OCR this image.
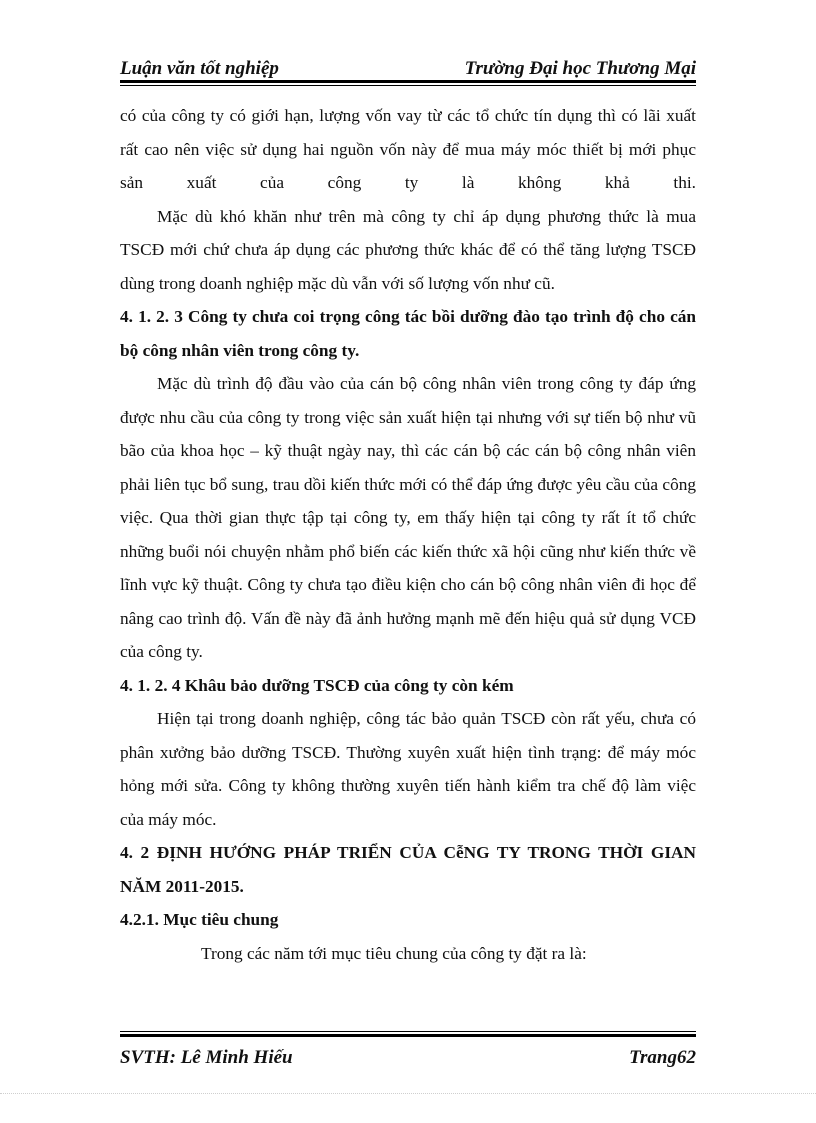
Luận văn tốt nghiệp	Trường Đại học Thương Mại

có của công ty có giới hạn, lượng vốn vay từ các tổ chức tín dụng thì có lãi xuất

rất cao nên việc sử dụng hai nguồn vốn này để mua máy móc thiết bị mới phục

sản xuất của công ty là không khả thi.

Mặc dù khó khăn như trên mà công ty chỉ áp dụng phương thức là mua TSCĐ mới chứ chưa áp dụng các phương thức khác để có thể tăng lượng TSCĐ dùng trong doanh nghiệp mặc dù vẫn với số lượng vốn như cũ.

4. 1. 2. 3 Công ty chưa coi trọng công tác bồi dưỡng đào tạo trình độ cho cán bộ công nhân viên trong công ty.

Mặc dù trình độ đầu vào của cán bộ công nhân viên trong công ty đáp ứng được nhu cầu của công ty trong việc sản xuất hiện tại nhưng với sự tiến bộ như vũ bão của khoa học – kỹ thuật ngày nay, thì các cán bộ các cán bộ công nhân viên phải liên tục bổ sung, trau dồi kiến thức mới có thể đáp ứng được yêu cầu của công việc. Qua thời gian thực tập tại công ty, em thấy hiện tại công ty rất ít tổ chức những buổi nói chuyện nhằm phổ biến các kiến thức xã hội cũng như kiến thức về lĩnh vực kỹ thuật. Công ty chưa tạo điều kiện cho cán bộ công nhân viên đi học để nâng cao trình độ. Vấn đề này đã ảnh hưởng mạnh mẽ đến hiệu quả sử dụng VCĐ của công ty.

4. 1. 2. 4 Khâu bảo dưỡng TSCĐ của công ty còn kém

Hiện tại trong doanh nghiệp, công tác bảo quản TSCĐ còn rất yếu, chưa có phân xưởng bảo dưỡng TSCĐ. Thường xuyên xuất hiện tình trạng: để máy móc hỏng mới sửa. Công ty không thường xuyên tiến hành kiểm tra chế độ làm việc của máy móc.

4. 2 ĐỊNH HƯỚNG PHÁP TRIỂN CỦA CễNG TY TRONG THỜI GIAN NĂM 2011-2015.

4.2.1. Mục tiêu chung

Trong các năm tới mục tiêu chung của công ty đặt ra là:

SVTH: Lê Minh Hiếu	Trang62
